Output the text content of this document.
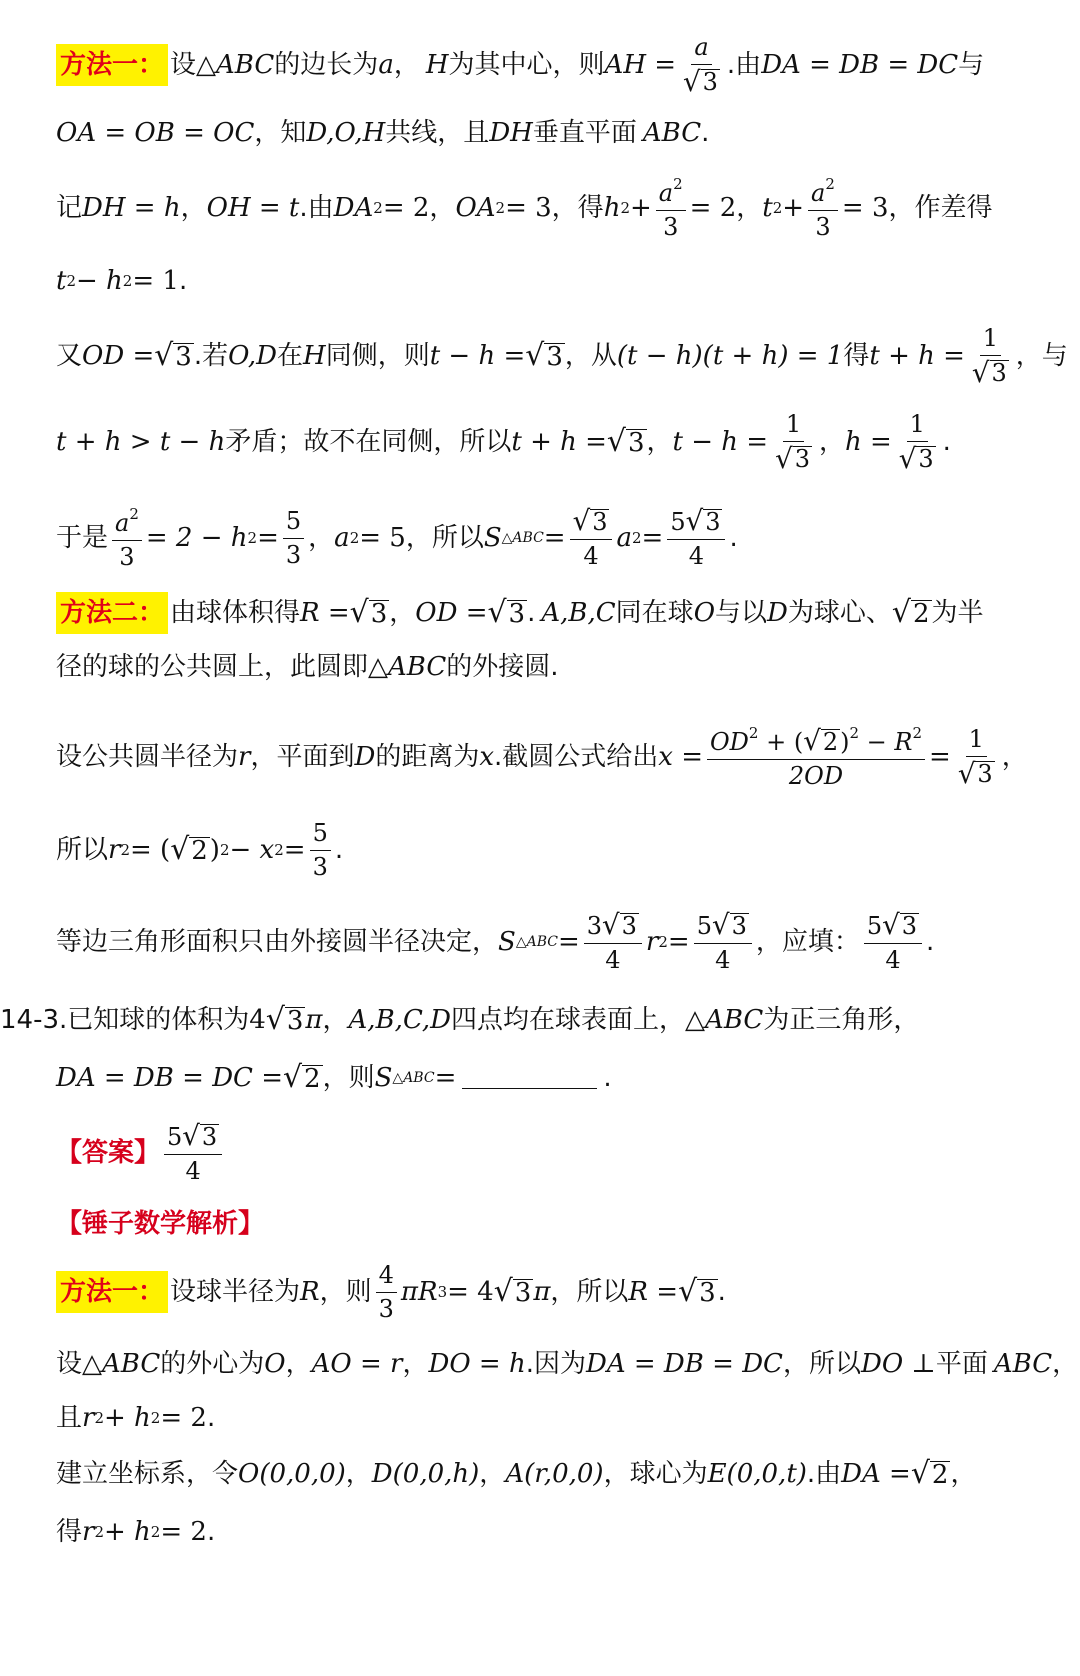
方法一： 设 △ABC 的边长为 a ， H 为其中心，则 AH = $\frac{a}{√ 3}$ .由 DA = DB = DC 与
OA = OB = OC ，知 D,O,H 共线，且 DH 垂直平面 ABC .
记 DH = h ， OH = t .由 DA 2 = 2 ， OA 2 = 3 ，得 h $2 + \frac{a^2}{3} = 2$ ， t $2 + \frac{a^2}{3} = 3$ ，作差得
t 2 − h 2 = 1 .
又 OD = √ 3 .若 O,D 在 H 同侧，则 t − h = √ 3 ，从 (t − h)(t + h) = 1 得 $t + h = \frac{1}{√ 3}$ ，与
t + h > t − h 矛盾；故不在同侧，所以 t + h = √ 3 ， $t - h = \frac{1}{√ 3}$ ， $h = \frac{1}{√ 3}$ .
于是 $\frac{a^2}{3} = 2 - h$ $2 = \frac{5}{3}$ ， a 2 = 5 ，所以 S △ABC = $\frac{√ 3}{4}$ a $2 = \frac{5 √ 3}{4}$ .
方法二： 由球体积得 R = √ 3 ， OD = √ 3 . A,B,C 同在球 O 与以 D 为球心、 √ 2 为半
径的球的公共圆上，此圆即 △ABC 的外接圆.
设公共圆半径为 r ，平面到 D 的距离为 x .截圆公式给出 $x = \frac{OD^2 + ( √ 2 )^2 - R^2}{2OD} = \frac{1}{√ 3}$ ，
所以 r 2 = ( √ 2 ) 2 − x $2 = \frac{5}{3}$ .
等边三角形面积只由外接圆半径决定， S △ABC = $\frac{3 √ 3}{4}$ r $2 = \frac{5 √ 3}{4}$ ，应填： $\frac{5 √ 3}{4}$ .
14-3 .已知球的体积为 4 √ 3 π ， A,B,C,D 四点均在球表面上， △ABC 为正三角形，
DA = DB = DC = √ 2 ，则 S △ABC =	.
【答案】 $\frac{5 √ 3}{4}$
【锤子数学解析】
方法一： 设球半径为 R ，则 $\frac{4}{3}$ πR 3 = 4 √ 3 π ，所以 R = √ 3 .
设 △ABC 的外心为 O ， AO = r ， DO = h .因为 DA = DB = DC ，所以 DO ⊥ 平面 ABC ，
且 r 2 + h 2 = 2 .
建立坐标系，令 O(0,0,0) ， D(0,0,h) ， A(r,0,0) ，球心为 E(0,0,t) .由 DA = √ 2 ，
得 r 2 + h 2 = 2 .
